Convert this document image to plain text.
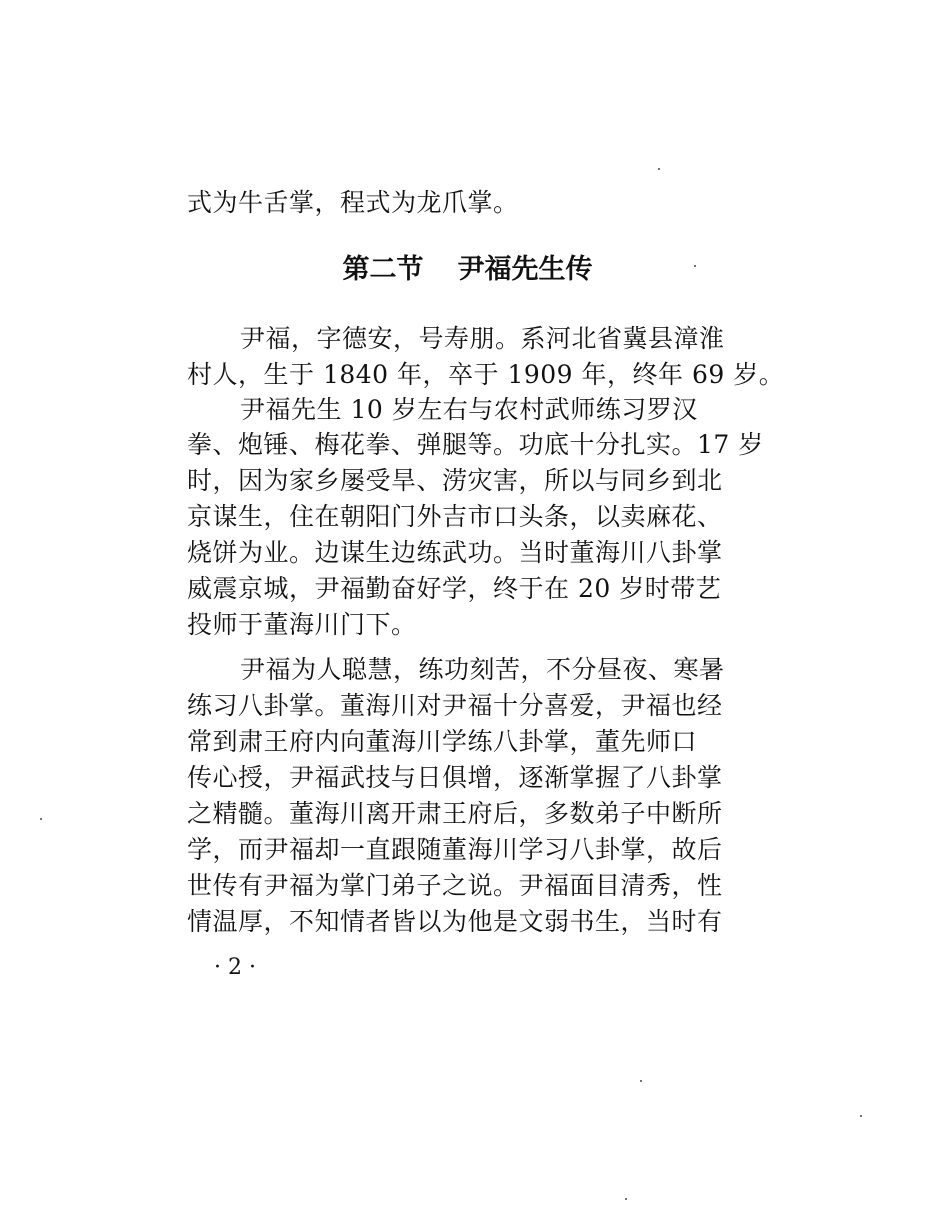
式为牛舌掌，程式为龙爪掌。
第二节 尹福先生传
尹福，字德安，号寿朋。系河北省冀县漳淮
村人，生于 1840 年，卒于 1909 年，终年 69 岁。
尹福先生 10 岁左右与农村武师练习罗汉
拳、炮锤、梅花拳、弹腿等。功底十分扎实。17 岁
时，因为家乡屡受旱、涝灾害，所以与同乡到北
京谋生，住在朝阳门外吉市口头条，以卖麻花、
烧饼为业。边谋生边练武功。当时董海川八卦掌
威震京城，尹福勤奋好学，终于在 20 岁时带艺
投师于董海川门下。
尹福为人聪慧，练功刻苦，不分昼夜、寒暑
练习八卦掌。董海川对尹福十分喜爱，尹福也经
常到肃王府内向董海川学练八卦掌，董先师口
传心授，尹福武技与日俱增，逐渐掌握了八卦掌
之精髓。董海川离开肃王府后，多数弟子中断所
学，而尹福却一直跟随董海川学习八卦掌，故后
世传有尹福为掌门弟子之说。尹福面目清秀，性
情温厚，不知情者皆以为他是文弱书生，当时有
· 2 ·
